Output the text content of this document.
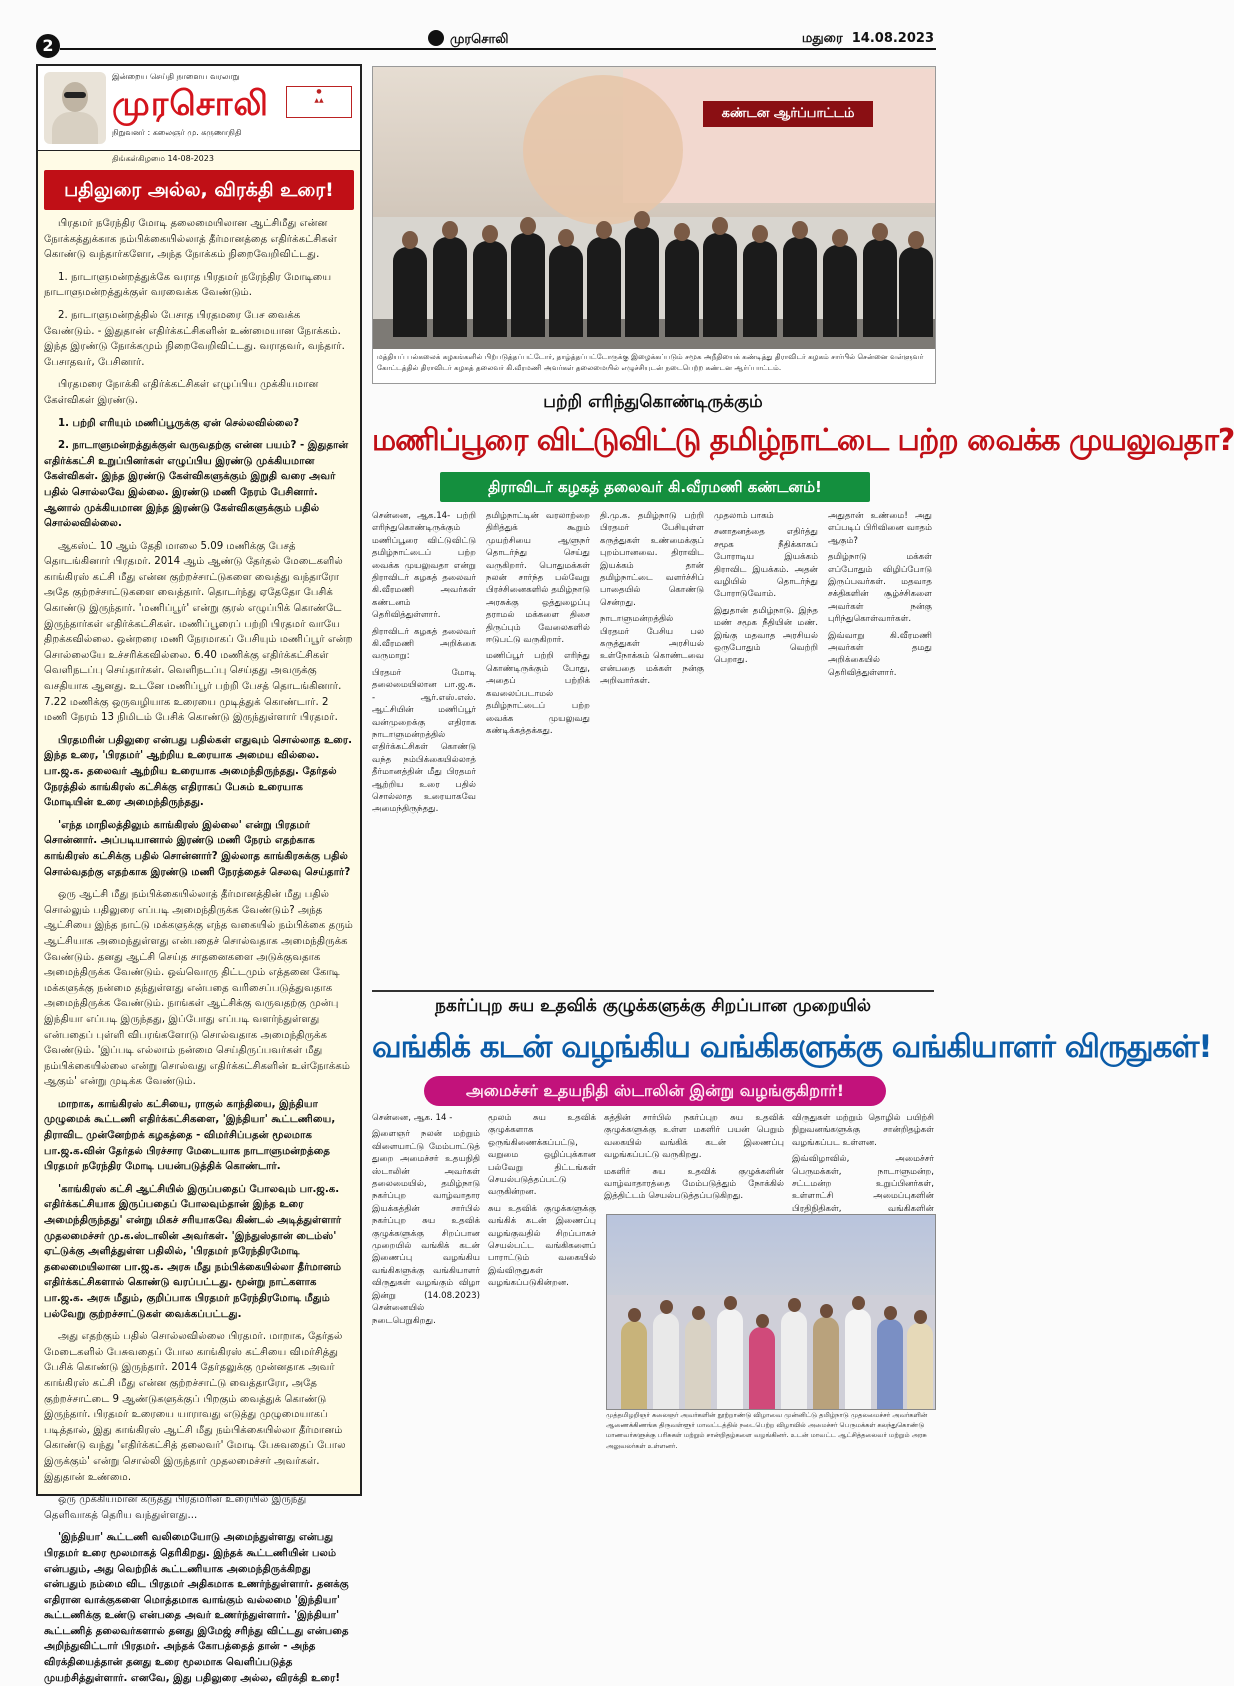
2	முரசொலி	மதுரை 14.08.2023
இன்றைய செய்தி நாளைய வரலாறு
முரசொலி	●
▲▲
நிறுவனர் : கலைஞர் மு. கருணாநிதி
திங்கள்கிழமை 14-08-2023
பதிலுரை அல்ல, விரக்தி உரை!

பிரதமர் நரேந்திர மோடி தலைமையிலான ஆட்சிமீது என்ன நோக்கத்துக்காக நம்பிக்கையில்லாத் தீர்மானத்தை எதிர்க்கட்சிகள் கொண்டு வந்தார்களோ, அந்த நோக்கம் நிறைவேறிவிட்டது.

1. நாடாளுமன்றத்துக்கே வராத பிரதமர் நரேந்திர மோடியை நாடாளுமன்றத்துக்குள் வரவைக்க வேண்டும்.

2. நாடாளுமன்றத்தில் பேசாத பிரதமரை பேச வைக்க வேண்டும். - இதுதான் எதிர்க்கட்சிகளின் உண்மையான நோக்கம். இந்த இரண்டு நோக்கமும் நிறைவேறிவிட்டது. வராதவர், வந்தார். பேசாதவர், பேசினார்.

பிரதமரை நோக்கி எதிர்க்கட்சிகள் எழுப்பிய முக்கியமான கேள்விகள் இரண்டு.

1. பற்றி எரியும் மணிப்பூருக்கு ஏன் செல்லவில்லை?

2. நாடாளுமன்றத்துக்குள் வருவதற்கு என்ன பயம்? - இதுதான் எதிர்க்கட்சி உறுப்பினர்கள் எழுப்பிய இரண்டு முக்கியமான கேள்விகள். இந்த இரண்டு கேள்விகளுக்கும் இறுதி வரை அவர் பதில் சொல்லவே இல்லை. இரண்டு மணி நேரம் பேசினார். ஆனால் முக்கியமான இந்த இரண்டு கேள்விகளுக்கும் பதில் சொல்லவில்லை.

ஆகஸ்ட் 10 ஆம் தேதி மாலை 5.09 மணிக்கு பேசத் தொடங்கினார் பிரதமர். 2014 ஆம் ஆண்டு தேர்தல் மேடைகளில் காங்கிரஸ் கட்சி மீது என்ன குற்றச்சாட்டுகளை வைத்து வந்தாரோ அதே குற்றச்சாட்டுகளை வைத்தார். தொடர்ந்து ஏதேதோ பேசிக் கொண்டு இருந்தார். 'மணிப்பூர்' என்று குரல் எழுப்பிக் கொண்டே இருந்தார்கள் எதிர்க்கட்சிகள். மணிப்பூரைப் பற்றி பிரதமர் வாயே திறக்கவில்லை. ஒன்றரை மணி நேரமாகப் பேசியும் மணிப்பூர் என்ற சொல்லையே உச்சரிக்கவில்லை. 6.40 மணிக்கு எதிர்க்கட்சிகள் வெளிநடப்பு செய்தார்கள். வெளிநடப்பு செய்தது அவருக்கு வசதியாக ஆனது. உடனே மணிப்பூர் பற்றி பேசத் தொடங்கினார். 7.22 மணிக்கு ஒருவழியாக உரையை முடித்துக் கொண்டார். 2 மணி நேரம் 13 நிமிடம் பேசிக் கொண்டு இருந்துள்ளார் பிரதமர்.

பிரதமரின் பதிலுரை என்பது பதில்கள் எதுவும் சொல்லாத உரை. இந்த உரை, 'பிரதமர்' ஆற்றிய உரையாக அமைய வில்லை. பா.ஜ.க. தலைவர் ஆற்றிய உரையாக அமைந்திருந்தது. தேர்தல் நேரத்தில் காங்கிரஸ் கட்சிக்கு எதிராகப் பேசும் உரையாக மோடியின் உரை அமைந்திருந்தது.

'எந்த மாநிலத்திலும் காங்கிரஸ் இல்லை' என்று பிரதமர் சொன்னார். அப்படியானால் இரண்டு மணி நேரம் எதற்காக காங்கிரஸ் கட்சிக்கு பதில் சொன்னார்? இல்லாத காங்கிரசுக்கு பதில் சொல்வதற்கு எதற்காக இரண்டு மணி நேரத்தைச் செலவு செய்தார்?

ஒரு ஆட்சி மீது நம்பிக்கையில்லாத் தீர்மானத்தின் மீது பதில் சொல்லும் பதிலுரை எப்படி அமைந்திருக்க வேண்டும்? அந்த ஆட்சியை இந்த நாட்டு மக்களுக்கு எந்த வகையில் நம்பிக்கை தரும் ஆட்சியாக அமைந்துள்ளது என்பதைச் சொல்வதாக அமைந்திருக்க வேண்டும். தனது ஆட்சி செய்த சாதனைகளை அடுக்குவதாக அமைந்திருக்க வேண்டும். ஒவ்வொரு திட்டமும் எத்தனை கோடி மக்களுக்கு நன்மை தந்துள்ளது என்பதை வரிசைப்படுத்துவதாக அமைந்திருக்க வேண்டும். நாங்கள் ஆட்சிக்கு வருவதற்கு முன்பு இந்தியா எப்படி இருந்தது, இப்போது எப்படி வளர்ந்துள்ளது என்பதைப் புள்ளி விபரங்களோடு சொல்வதாக அமைந்திருக்க வேண்டும். 'இப்படி எல்லாம் நன்மை செய்திருப்பவர்கள் மீது நம்பிக்கையில்லை என்று சொல்வது எதிர்க்கட்சிகளின் உள்நோக்கம் ஆகும்' என்று முடிக்க வேண்டும்.

மாறாக, காங்கிரஸ் கட்சியை, ராகுல் காந்தியை, இந்தியா முழுமைக் கூட்டணி எதிர்க்கட்சிகளை, 'இந்தியா' கூட்டணியை, திராவிட முன்னேற்றக் கழகத்தை - விமர்சிப்பதன் மூலமாக பா.ஜ.க.வின் தேர்தல் பிரச்சார மேடையாக நாடாளுமன்றத்தை பிரதமர் நரேந்திர மோடி பயன்படுத்திக் கொண்டார்.

'காங்கிரஸ் கட்சி ஆட்சியில் இருப்பதைப் போலவும் பா.ஜ.க. எதிர்க்கட்சியாக இருப்பதைப் போலவும்தான் இந்த உரை அமைந்திருந்தது' என்று மிகச் சரியாகவே கிண்டல் அடித்துள்ளார் முதலமைச்சர் மு.க.ஸ்டாலின் அவர்கள். 'இந்துஸ்தான் டைம்ஸ்' ஏட்டுக்கு அளித்துள்ள பதிலில், 'பிரதமர் நரேந்திரமோடி தலைமையிலான பா.ஜ.க. அரசு மீது நம்பிக்கையில்லா தீர்மானம் எதிர்க்கட்சிகளால் கொண்டு வரப்பட்டது. மூன்று நாட்களாக பா.ஜ.க. அரசு மீதும், குறிப்பாக பிரதமர் நரேந்திரமோடி மீதும் பல்வேறு குற்றச்சாட்டுகள் வைக்கப்பட்டது.

அது எதற்கும் பதில் சொல்லவில்லை பிரதமர். மாறாக, தேர்தல் மேடைகளில் பேசுவதைப் போல காங்கிரஸ் கட்சியை விமர்சித்து பேசிக் கொண்டு இருந்தார். 2014 தேர்தலுக்கு முன்னதாக அவர் காங்கிரஸ் கட்சி மீது என்ன குற்றச்சாட்டு வைத்தாரோ, அதே குற்றச்சாட்டை 9 ஆண்டுகளுக்குப் பிறகும் வைத்துக் கொண்டு இருந்தார். பிரதமர் உரையை யாராவது எடுத்து முழுமையாகப் படித்தால், இது காங்கிரஸ் ஆட்சி மீது நம்பிக்கையில்லா தீர்மானம் கொண்டு வந்து 'எதிர்க்கட்சித் தலைவர்' மோடி பேசுவதைப் போல இருக்கும்' என்று சொல்லி இருந்தார் முதலமைச்சர் அவர்கள். இதுதான் உண்மை.

ஒரு முக்கியமான கருத்து பிரதமரின் உரையில் இருந்து தெளிவாகத் தெரிய வந்துள்ளது...

'இந்தியா' கூட்டணி வலிமையோடு அமைந்துள்ளது என்பது பிரதமர் உரை மூலமாகத் தெரிகிறது. இந்தக் கூட்டணியின் பலம் என்பதும், அது வெற்றிக் கூட்டணியாக அமைந்திருக்கிறது என்பதும் நம்மை விட பிரதமர் அதிகமாக உணர்ந்துள்ளார். தனக்கு எதிரான வாக்குகளை மொத்தமாக வாங்கும் வல்லமை 'இந்தியா' கூட்டணிக்கு உண்டு என்பதை அவர் உணர்ந்துள்ளார். 'இந்தியா' கூட்டணித் தலைவர்களால் தனது இமேஜ் சரிந்து விட்டது என்பதை அறிந்துவிட்டார் பிரதமர். அந்தக் கோபத்தைத் தான் - அந்த விரக்தியைத்தான் தனது உரை மூலமாக வெளிப்படுத்த முயற்சித்துள்ளார். எனவே, இது பதிலுரை அல்ல, விரக்தி உரை!

கண்டன ஆர்ப்பாட்டம்
மத்தியப் பல்கலைக் கழகங்களில் பிற்படுத்தப்பட்டோர், தாழ்த்தப்பட்டோருக்கு இழைக்கப்படும் சமூக அநீதியைக் கண்டித்து திராவிடர் கழகம் சார்பில் சென்னை வள்ளுவர் கோட்டத்தில் திராவிடர் கழகத் தலைவர் கி.வீரமணி அவர்கள் தலைமையில் எழுச்சியுடன் நடைபெற்ற கண்டன ஆர்ப்பாட்டம்.
பற்றி எரிந்துகொண்டிருக்கும்
மணிப்பூரை விட்டுவிட்டு தமிழ்நாட்டை பற்ற வைக்க முயலுவதா?
திராவிடர் கழகத் தலைவர் கி.வீரமணி கண்டனம்!

சென்னை, ஆக.14- பற்றி எரிந்துகொண்டிருக்கும் மணிப்பூரை விட்டுவிட்டு தமிழ்நாட்டைப் பற்ற வைக்க முயலுவதா என்று திராவிடர் கழகத் தலைவர் கி.வீரமணி அவர்கள் கண்டனம் தெரிவித்துள்ளார்.

திராவிடர் கழகத் தலைவர் கி.வீரமணி அறிக்கை வருமாறு:

பிரதமர் மோடி தலைமையிலான பா.ஜ.க. - ஆர்.எஸ்.எஸ். ஆட்சியின் மணிப்பூர் வன்முறைக்கு எதிராக நாடாளுமன்றத்தில் எதிர்க்கட்சிகள் கொண்டு வந்த நம்பிக்கையில்லாத் தீர்மானத்தின் மீது பிரதமர் ஆற்றிய உரை பதில் சொல்லாத உரையாகவே அமைந்திருந்தது.

தமிழ்நாட்டின் வரலாற்றை திரித்துக் கூறும் முயற்சியை ஆளுநர் தொடர்ந்து செய்து வருகிறார். பொதுமக்கள் நலன் சார்ந்த பல்வேறு பிரச்சினைகளில் தமிழ்நாடு அரசுக்கு ஒத்துழைப்பு தராமல் மக்களை திசை திருப்பும் வேலைகளில் ஈடுபட்டு வருகிறார்.

மணிப்பூர் பற்றி எரிந்து கொண்டிருக்கும் போது, அதைப் பற்றிக் கவலைப்படாமல் தமிழ்நாட்டைப் பற்ற வைக்க முயலுவது கண்டிக்கத்தக்கது.

தி.மு.க. தமிழ்நாடு பற்றி பிரதமர் பேசியுள்ள கருத்துகள் உண்மைக்குப் புறம்பானவை. திராவிட இயக்கம் தான் தமிழ்நாட்டை வளர்ச்சிப் பாதையில் கொண்டு சென்றது.

நாடாளுமன்றத்தில் பிரதமர் பேசிய பல கருத்துகள் அரசியல் உள்நோக்கம் கொண்டவை என்பதை மக்கள் நன்கு அறிவார்கள்.

முதலாம் பாகம்

சனாதனத்தை எதிர்த்து சமூக நீதிக்காகப் போராடிய இயக்கம் திராவிட இயக்கம். அதன் வழியில் தொடர்ந்து போராடுவோம்.

இதுதான் தமிழ்நாடு. இந்த மண் சமூக நீதியின் மண். இங்கு மதவாத அரசியல் ஒருபோதும் வெற்றி பெறாது.

அதுதான் உண்மை! அது எப்படிப் பிரிவினை வாதம் ஆகும்?

தமிழ்நாடு மக்கள் எப்போதும் விழிப்போடு இருப்பவர்கள். மதவாத சக்திகளின் சூழ்ச்சிகளை அவர்கள் நன்கு புரிந்துகொள்வார்கள்.

இவ்வாறு கி.வீரமணி அவர்கள் தமது அறிக்கையில் தெரிவித்துள்ளார்.

நகர்ப்புற சுய உதவிக் குழுக்களுக்கு சிறப்பான முறையில்
வங்கிக் கடன் வழங்கிய வங்கிகளுக்கு வங்கியாளர் விருதுகள்!
அமைச்சர் உதயநிதி ஸ்டாலின் இன்று வழங்குகிறார்!

சென்னை, ஆக. 14 -

இளைஞர் நலன் மற்றும் விளையாட்டு மேம்பாட்டுத் துறை அமைச்சர் உதயநிதி ஸ்டாலின் அவர்கள் தலைமையில், தமிழ்நாடு நகர்ப்புற வாழ்வாதார இயக்கத்தின் சார்பில் நகர்ப்புற சுய உதவிக் குழுக்களுக்கு சிறப்பான முறையில் வங்கிக் கடன் இணைப்பு வழங்கிய வங்கிகளுக்கு வங்கியாளர் விருதுகள் வழங்கும் விழா இன்று (14.08.2023) சென்னையில் நடைபெறுகிறது.

மூலம் சுய உதவிக் குழுக்களாக ஒருங்கிணைக்கப்பட்டு, வறுமை ஒழிப்புக்கான பல்வேறு திட்டங்கள் செயல்படுத்தப்பட்டு வருகின்றன.

சுய உதவிக் குழுக்களுக்கு வங்கிக் கடன் இணைப்பு வழங்குவதில் சிறப்பாகச் செயல்பட்ட வங்கிகளைப் பாராட்டும் வகையில் இவ்விருதுகள் வழங்கப்படுகின்றன.

கத்தின் சார்பில் நகர்ப்புற சுய உதவிக் குழுக்களுக்கு உள்ள மகளிர் பயன் பெறும் வகையில் வங்கிக் கடன் இணைப்பு வழங்கப்பட்டு வருகிறது.

மகளிர் சுய உதவிக் குழுக்களின் வாழ்வாதாரத்தை மேம்படுத்தும் நோக்கில் இத்திட்டம் செயல்படுத்தப்படுகிறது.

விருதுகள் மற்றும் தொழில் பயிற்சி நிறுவனங்களுக்கு சான்றிதழ்கள் வழங்கப்பட உள்ளன.

இவ்விழாவில், அமைச்சர் பெருமக்கள், நாடாளுமன்ற, சட்டமன்ற உறுப்பினர்கள், உள்ளாட்சி அமைப்புகளின் பிரதிநிதிகள், வங்கிகளின்

முத்தமிழறிஞர் கலைஞர் அவர்களின் நூற்றாண்டு விழாவை முன்னிட்டு தமிழ்நாடு முதலமைச்சர் அவர்களின் ஆணைக்கிணங்க திருவள்ளூர் மாவட்டத்தில் நடைபெற்ற விழாவில் அமைச்சர் பெருமக்கள் கலந்துகொண்டு மாணவர்களுக்கு பரிசுகள் மற்றும் சான்றிதழ்களை வழங்கினர். உடன் மாவட்ட ஆட்சித்தலைவர் மற்றும் அரசு அலுவலர்கள் உள்ளனர்.
